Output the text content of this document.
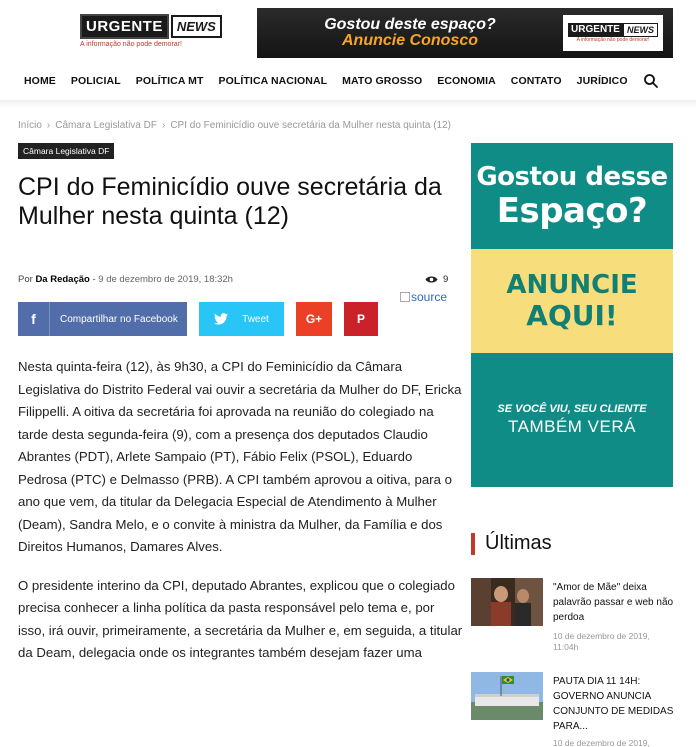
URGENTE	NEWS
A informação não pode demorar!
Gostou deste espaço?
Anuncie Conosco
URGENTE NEWS
A informação não pode demorar!
HOME POLICIAL POLÍTICA MT POLÍTICA NACIONAL MATO GROSSO ECONOMIA CONTATO JURÍDICO
Início › Câmara Legislativa DF › CPI do Feminicídio ouve secretária da Mulher nesta quinta (12)
Câmara Legislativa DF
CPI do Feminicídio ouve secretária da Mulher nesta quinta (12)
Por Da Redação - 9 de dezembro de 2019, 18:32h	9
source
f	Compartilhar no Facebook	Tweet	G+	P

Nesta quinta-feira (12), às 9h30, a CPI do Feminicídio da Câmara Legislativa do Distrito Federal vai ouvir a secretária da Mulher do DF, Ericka Filippelli. A oitiva da secretária foi aprovada na reunião do colegiado na tarde desta segunda-feira (9), com a presença dos deputados Claudio Abrantes (PDT), Arlete Sampaio (PT), Fábio Felix (PSOL), Eduardo Pedrosa (PTC) e Delmasso (PRB). A CPI também aprovou a oitiva, para o ano que vem, da titular da Delegacia Especial de Atendimento à Mulher (Deam), Sandra Melo, e o convite à ministra da Mulher, da Família e dos Direitos Humanos, Damares Alves.

O presidente interino da CPI, deputado Abrantes, explicou que o colegiado precisa conhecer a linha política da pasta responsável pelo tema e, por isso, irá ouvir, primeiramente, a secretária da Mulher e, em seguida, a titular da Deam, delegacia onde os integrantes também desejam fazer uma

Gostou desse
Espaço?
ANUNCIE
AQUI!
SE VOCÊ VIU, SEU CLIENTE
TAMBÉM VERÁ
Últimas
"Amor de Mãe" deixa palavrão passar e web não perdoa
10 de dezembro de 2019, 11:04h
PAUTA DIA 11 14H: GOVERNO ANUNCIA CONJUNTO DE MEDIDAS PARA...
10 de dezembro de 2019,
